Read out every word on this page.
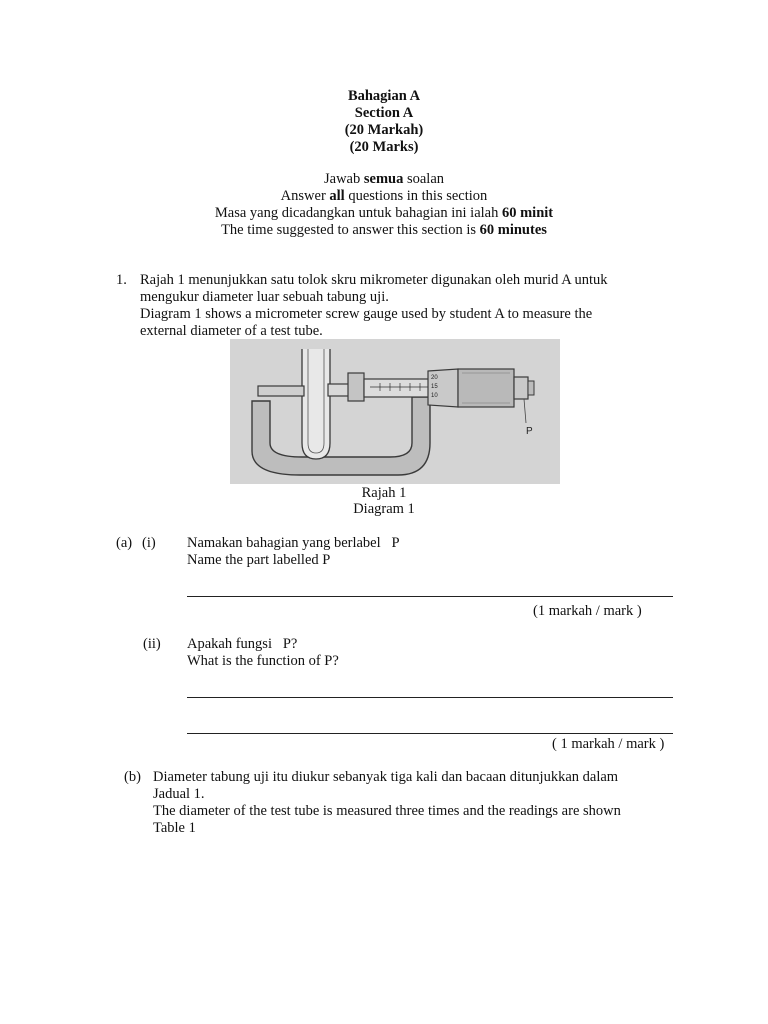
Bahagian A
Section A
(20 Markah)
(20 Marks)
Jawab semua soalan
Answer all questions in this section
Masa yang dicadangkan untuk bahagian ini ialah 60 minit
The time suggested to answer this section is 60 minutes
1. Rajah 1 menunjukkan satu tolok skru mikrometer digunakan oleh murid A untuk
mengukur diameter luar sebuah tabung uji.
Diagram 1 shows a micrometer screw gauge used by student A to measure the
external diameter of a test tube.
20
15
10
P
Rajah 1
Diagram 1
(a) (i) Namakan bahagian yang berlabel   P
Name the part labelled P
(1 markah / mark )
(ii) Apakah fungsi   P?
What is the function of P?
( 1 markah / mark )
(b) Diameter tabung uji itu diukur sebanyak tiga kali dan bacaan ditunjukkan dalam
Jadual 1.
The diameter of the test tube is measured three times and the readings are shown
Table 1
